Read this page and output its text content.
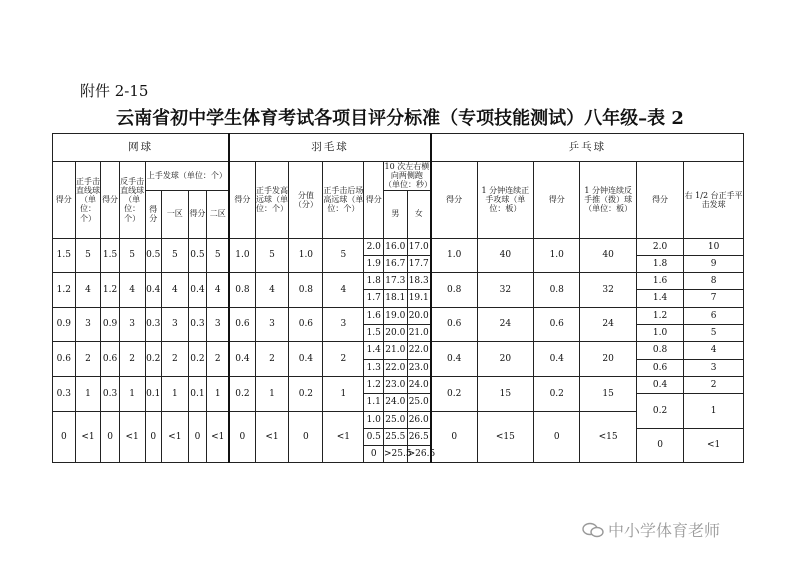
附件 2-15
云南省初中学生体育考试各项目评分标准（专项技能测试）八年级–表 2
网球								羽毛球							乒乓球					
得分	正手击直线球（单位：个）	得分	反手击直线球（单位：个）	上手发球（单位：个）				得分	正手发高远球（单位：个）	分值（分）	正手击后场高远球（单位：个）	得分	10 次左右横向两侧跑（单位：秒）		得分	1 分钟连续正手攻球（单位：板）	得分	1 分钟连续反手推（拨）球（单位：板）	得分	右 1/2 台正手平击发球
				得分	一区	得分	二区						男	女						

1.5	5	1.5	5	0.5	5	0.5	5	1.0	5	1.0	5	2.0	16.0	17.0	1.0	40	1.0	40	2.0	10
												1.9	16.7	17.7					1.8	9
1.2	4	1.2	4	0.4	4	0.4	4	0.8	4	0.8	4	1.8	17.3	18.3	0.8	32	0.8	32	1.6	8
												1.7	18.1	19.1					1.4	7
0.9	3	0.9	3	0.3	3	0.3	3	0.6	3	0.6	3	1.6	19.0	20.0	0.6	24	0.6	24	1.2	6
												1.5	20.0	21.0					1.0	5
0.6	2	0.6	2	0.2	2	0.2	2	0.4	2	0.4	2	1.4	21.0	22.0	0.4	20	0.4	20	0.8	4
												1.3	22.0	23.0					0.6	3
0.3	1	0.3	1	0.1	1	0.1	1	0.2	1	0.2	1	1.2	23.0	24.0	0.2	15	0.2	15	0.4	2
												1.1	24.0	25.0					0.2	1
0	<1	0	<1	0	<1	0	<1	0	<1	0	<1	1.0	25.0	26.0	0	<15	0	<15		
												0.5	25.5	26.5					0	<1
												0	>25.5	>26.5						
中小学体育老师
